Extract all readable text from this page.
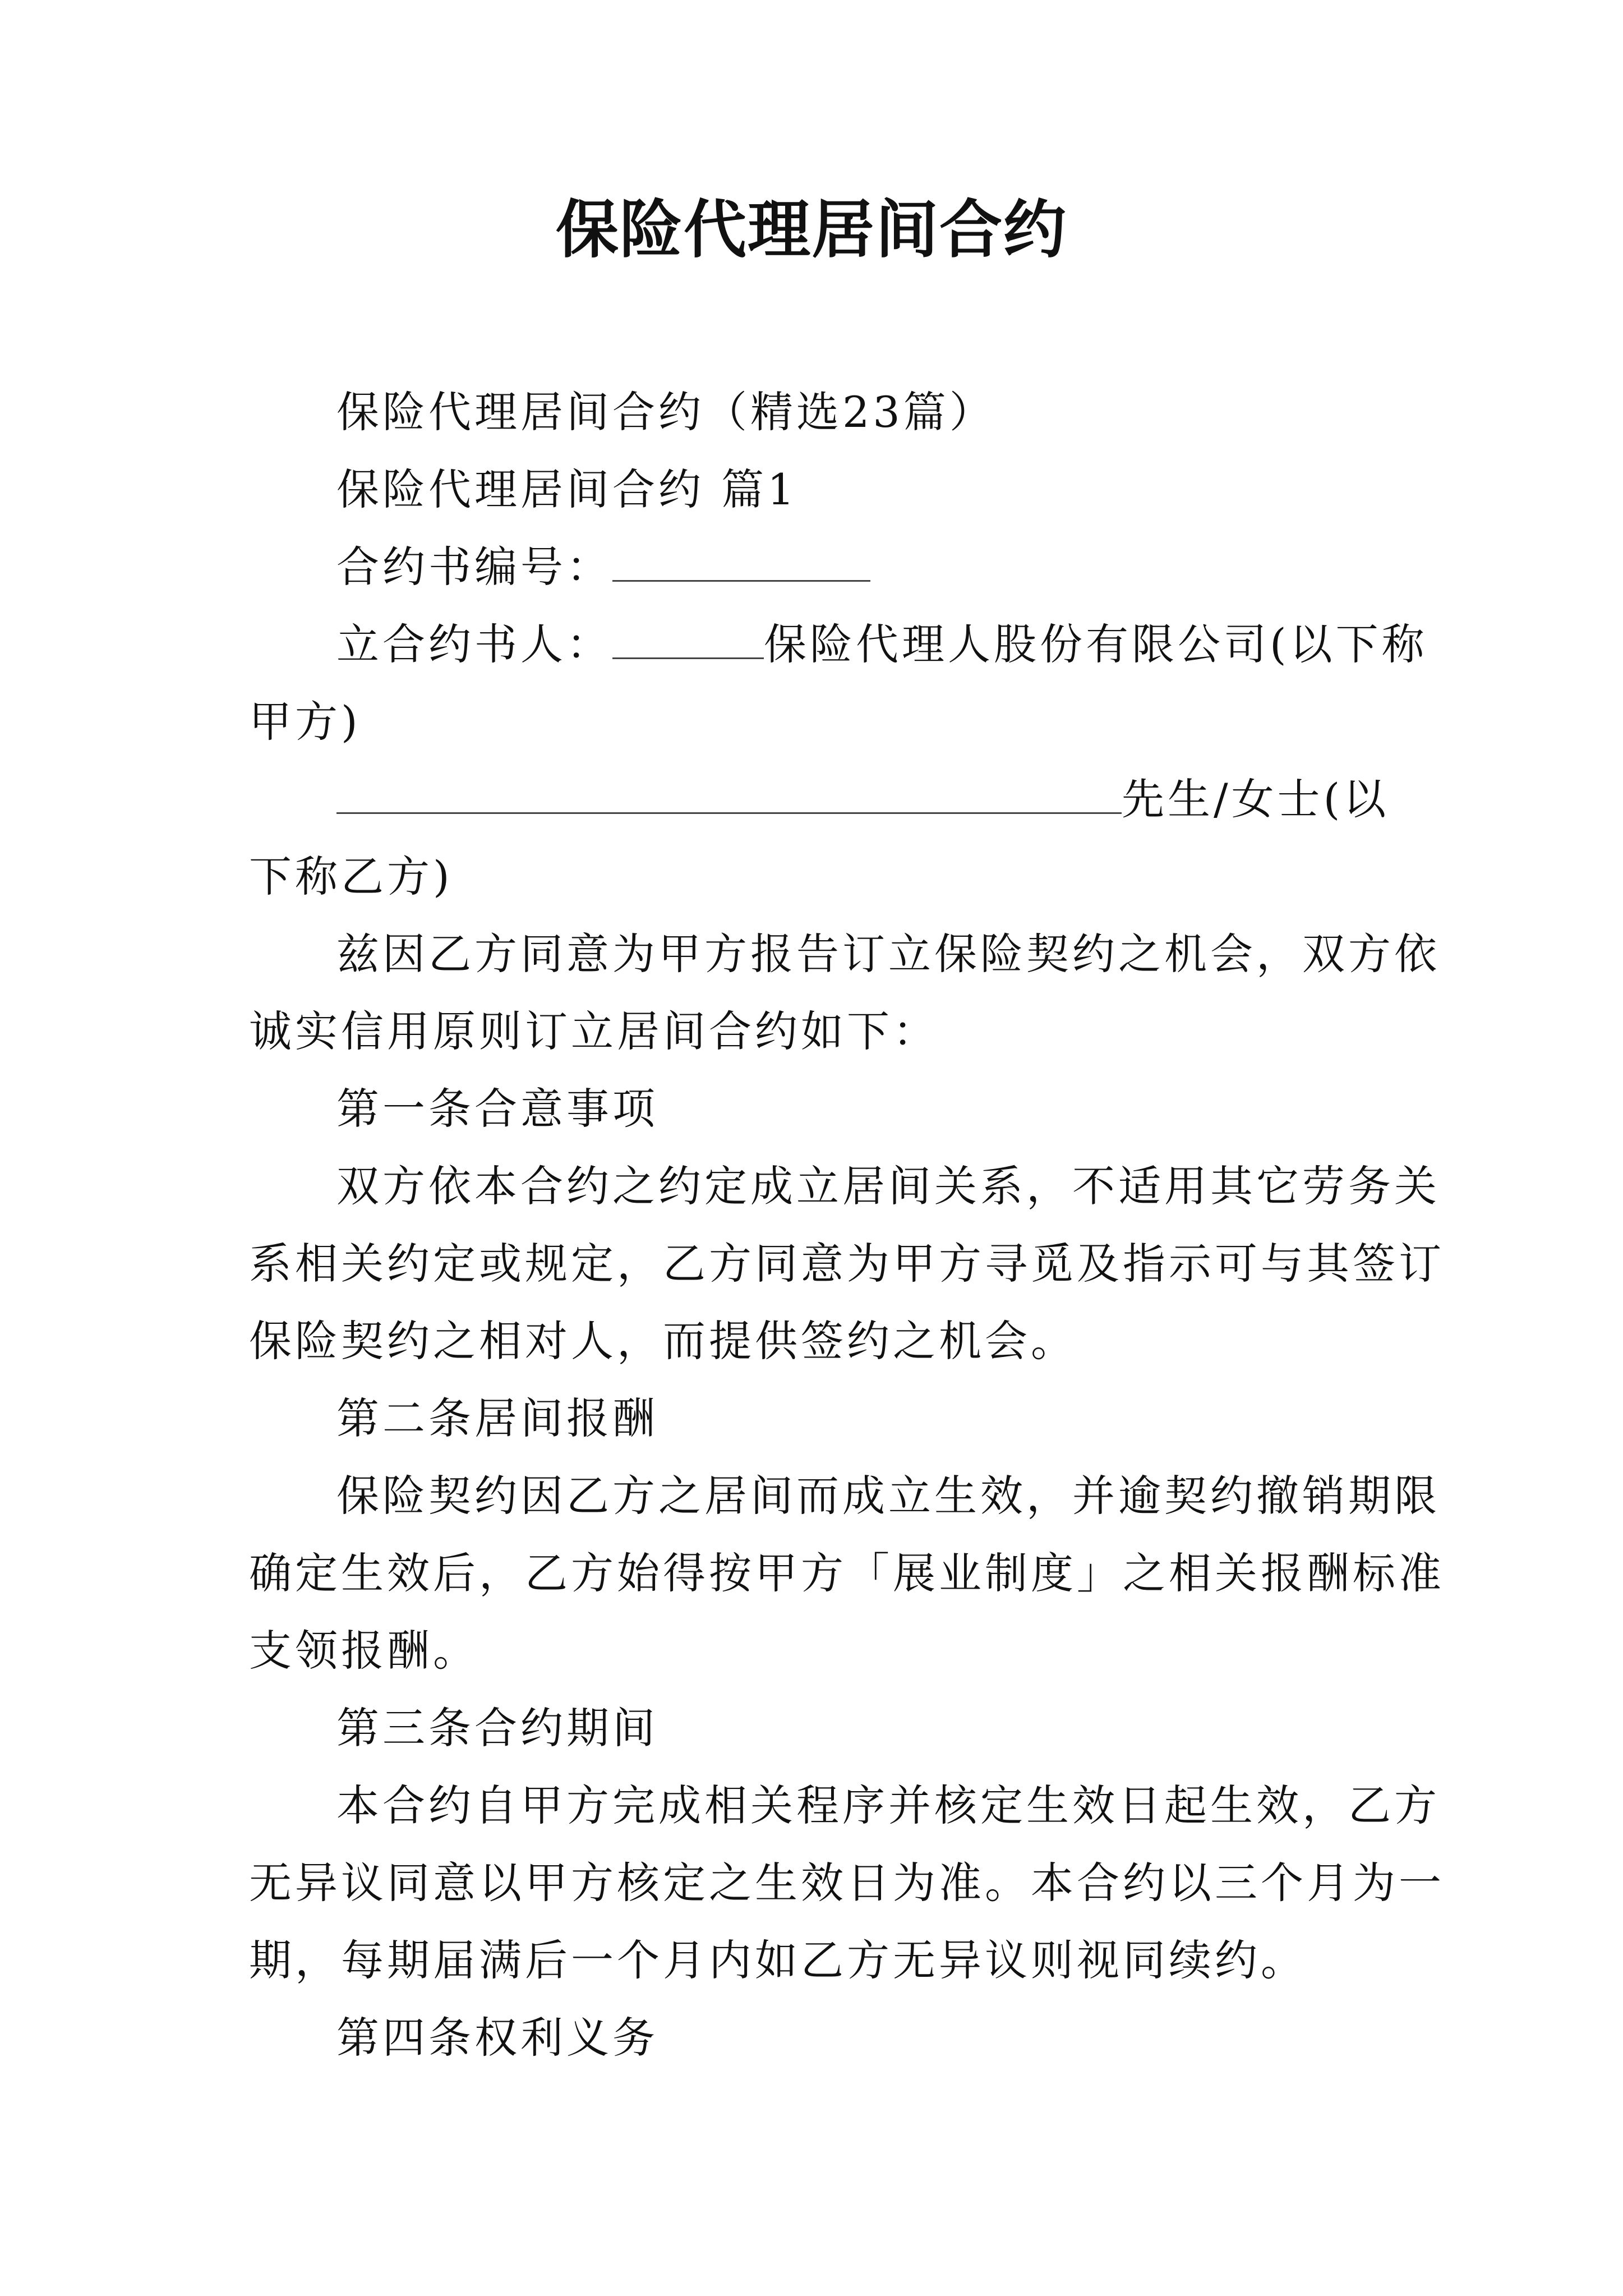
保险代理居间合约
保险代理居间合约（精选23篇）
保险代理居间合约 篇1
合约书编号：
立合约书人：	保险代理人股份有限公司(以下称
甲方)
先生/女士(以
下称乙方)
兹因乙方同意为甲方报告订立保险契约之机会，双方依
诚实信用原则订立居间合约如下：
第一条合意事项
双方依本合约之约定成立居间关系，不适用其它劳务关
系相关约定或规定，乙方同意为甲方寻觅及指示可与其签订
保险契约之相对人，而提供签约之机会。
第二条居间报酬
保险契约因乙方之居间而成立生效，并逾契约撤销期限
确定生效后，乙方始得按甲方「展业制度」之相关报酬标准
支领报酬。
第三条合约期间
本合约自甲方完成相关程序并核定生效日起生效，乙方
无异议同意以甲方核定之生效日为准。本合约以三个月为一
期，每期届满后一个月内如乙方无异议则视同续约。
第四条权利义务
